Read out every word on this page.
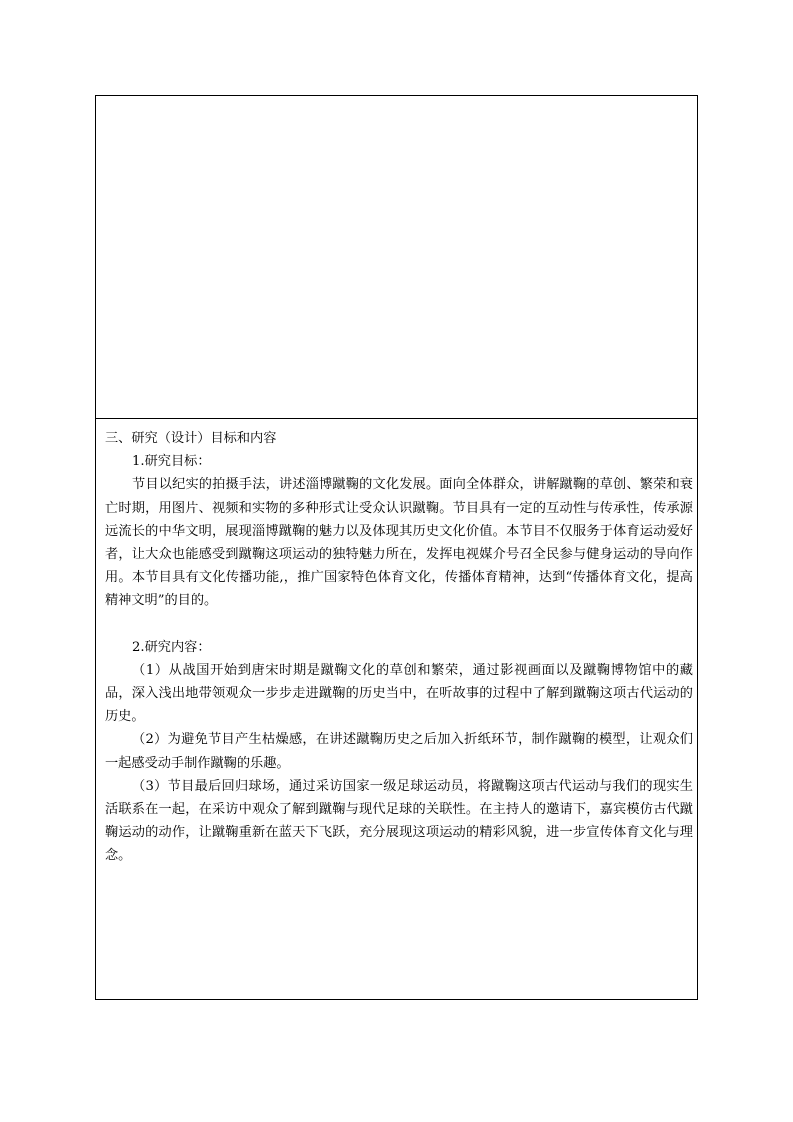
三、研究（设计）目标和内容

1.研究目标：

节目以纪实的拍摄手法，讲述淄博蹴鞠的文化发展。面向全体群众，讲解蹴鞠的草创、繁荣和衰亡时期，用图片、视频和实物的多种形式让受众认识蹴鞠。节目具有一定的互动性与传承性，传承源远流长的中华文明，展现淄博蹴鞠的魅力以及体现其历史文化价值。本节目不仅服务于体育运动爱好者，让大众也能感受到蹴鞠这项运动的独特魅力所在，发挥电视媒介号召全民参与健身运动的导向作用。本节目具有文化传播功能,，推广国家特色体育文化，传播体育精神，达到“传播体育文化，提高精神文明”的目的。

2.研究内容：

（1）从战国开始到唐宋时期是蹴鞠文化的草创和繁荣，通过影视画面以及蹴鞠博物馆中的藏品，深入浅出地带领观众一步步走进蹴鞠的历史当中，在听故事的过程中了解到蹴鞠这项古代运动的历史。

（2）为避免节目产生枯燥感，在讲述蹴鞠历史之后加入折纸环节，制作蹴鞠的模型，让观众们一起感受动手制作蹴鞠的乐趣。

（3）节目最后回归球场，通过采访国家一级足球运动员，将蹴鞠这项古代运动与我们的现实生活联系在一起，在采访中观众了解到蹴鞠与现代足球的关联性。在主持人的邀请下，嘉宾模仿古代蹴鞠运动的动作，让蹴鞠重新在蓝天下飞跃，充分展现这项运动的精彩风貌，进一步宣传体育文化与理念。
